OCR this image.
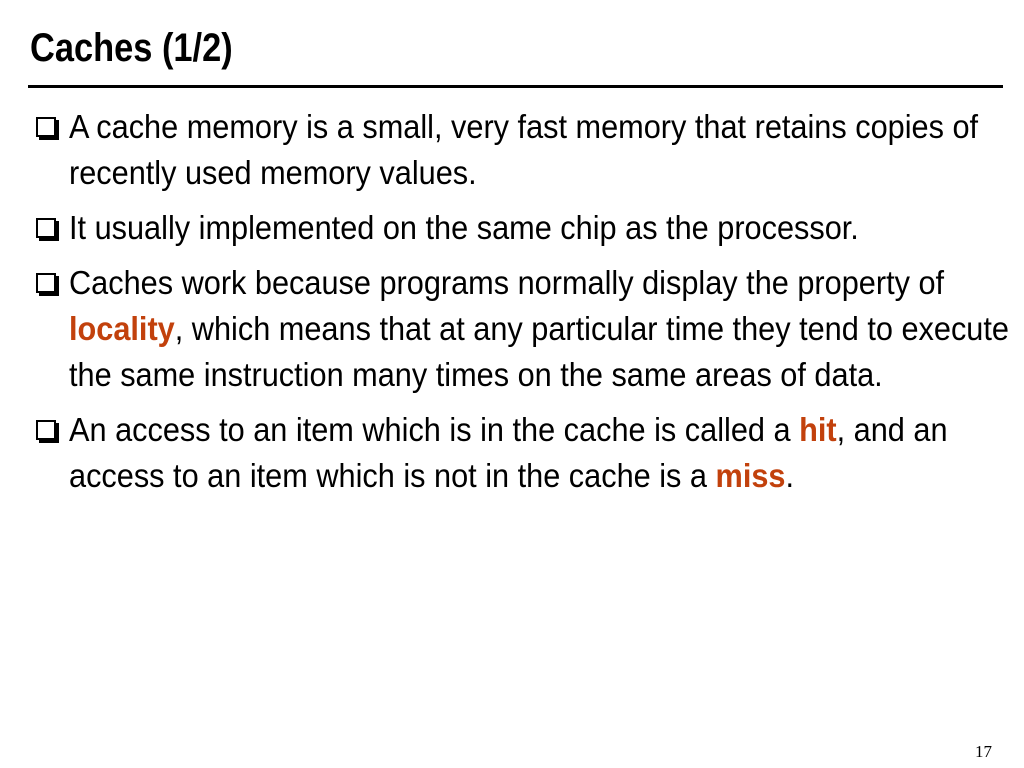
Caches (1/2)
A cache memory is a small, very fast memory that retains copies of recently used memory values.
It usually implemented on the same chip as the processor.
Caches work because programs normally display the property of locality, which means that at any particular time they tend to execute the same instruction many times on the same areas of data.
An access to an item which is in the cache is called a hit, and an access to an item which is not in the cache is a miss.
17
